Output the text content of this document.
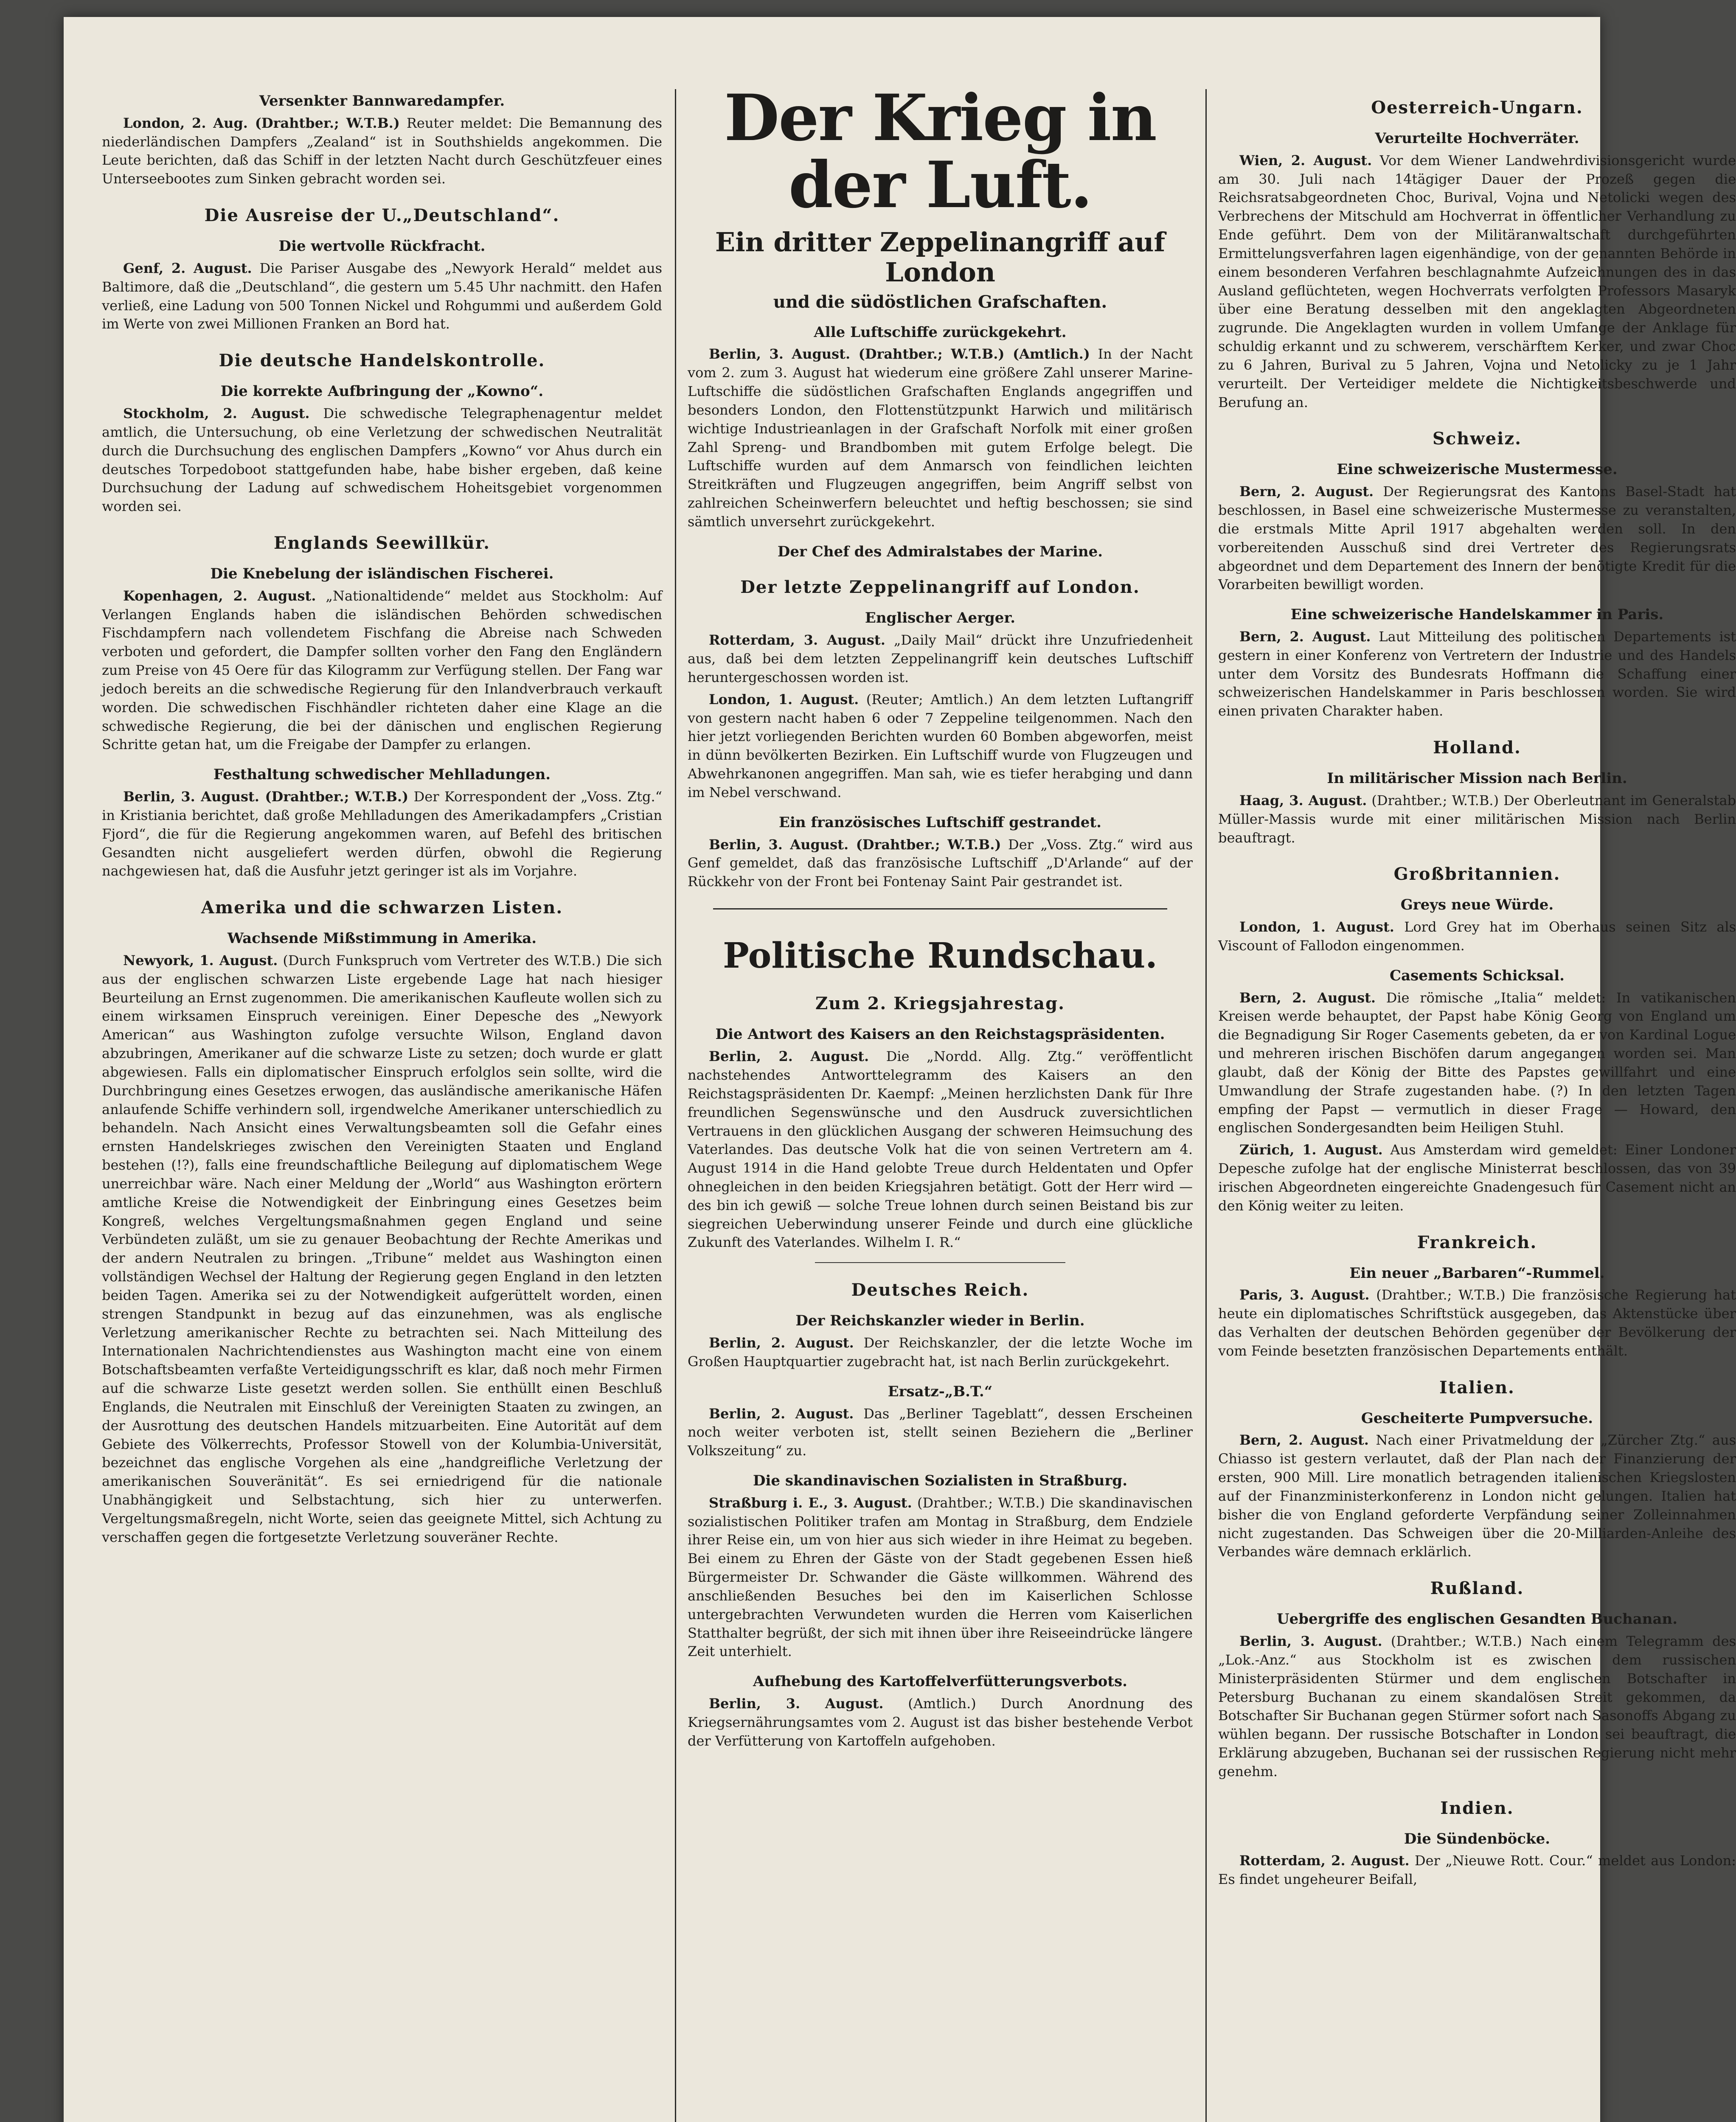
Versenkter Bannwaredampfer.

London, 2. Aug. (Drahtber.; W.T.B.) Reuter meldet: Die Bemannung des niederländischen Dampfers „Zealand“ ist in Southshields angekommen. Die Leute berichten, daß das Schiff in der letzten Nacht durch Geschützfeuer eines Unterseebootes zum Sinken gebracht worden sei.

Die Ausreise der U.„Deutschland“.
Die wertvolle Rückfracht.

Genf, 2. August. Die Pariser Ausgabe des „Newyork Herald“ meldet aus Baltimore, daß die „Deutschland“, die gestern um 5.45 Uhr nachmitt. den Hafen verließ, eine Ladung von 500 Tonnen Nickel und Rohgummi und außerdem Gold im Werte von zwei Millionen Franken an Bord hat.

Die deutsche Handelskontrolle.
Die korrekte Aufbringung der „Kowno“.

Stockholm, 2. August. Die schwedische Telegraphenagentur meldet amtlich, die Untersuchung, ob eine Verletzung der schwedischen Neutralität durch die Durchsuchung des englischen Dampfers „Kowno“ vor Ahus durch ein deutsches Torpedoboot stattgefunden habe, habe bisher ergeben, daß keine Durchsuchung der Ladung auf schwedischem Hoheitsgebiet vorgenommen worden sei.

Englands Seewillkür.
Die Knebelung der isländischen Fischerei.

Kopenhagen, 2. August. „Nationaltidende“ meldet aus Stockholm: Auf Verlangen Englands haben die isländischen Behörden schwedischen Fischdampfern nach vollendetem Fischfang die Abreise nach Schweden verboten und gefordert, die Dampfer sollten vorher den Fang den Engländern zum Preise von 45 Oere für das Kilogramm zur Verfügung stellen. Der Fang war jedoch bereits an die schwedische Regierung für den Inlandverbrauch verkauft worden. Die schwedischen Fischhändler richteten daher eine Klage an die schwedische Regierung, die bei der dänischen und englischen Regierung Schritte getan hat, um die Freigabe der Dampfer zu erlangen.

Festhaltung schwedischer Mehlladungen.

Berlin, 3. August. (Drahtber.; W.T.B.) Der Korrespondent der „Voss. Ztg.“ in Kristiania berichtet, daß große Mehlladungen des Amerikadampfers „Cristian Fjord“, die für die Regierung angekommen waren, auf Befehl des britischen Gesandten nicht ausgeliefert werden dürfen, obwohl die Regierung nachgewiesen hat, daß die Ausfuhr jetzt geringer ist als im Vorjahre.

Amerika und die schwarzen Listen.
Wachsende Mißstimmung in Amerika.

Newyork, 1. August. (Durch Funkspruch vom Vertreter des W.T.B.) Die sich aus der englischen schwarzen Liste ergebende Lage hat nach hiesiger Beurteilung an Ernst zugenommen. Die amerikanischen Kaufleute wollen sich zu einem wirksamen Einspruch vereinigen. Einer Depesche des „Newyork American“ aus Washington zufolge versuchte Wilson, England davon abzubringen, Amerikaner auf die schwarze Liste zu setzen; doch wurde er glatt abgewiesen. Falls ein diplomatischer Einspruch erfolglos sein sollte, wird die Durchbringung eines Gesetzes erwogen, das ausländische amerikanische Häfen anlaufende Schiffe verhindern soll, irgendwelche Amerikaner unterschiedlich zu behandeln. Nach Ansicht eines Verwaltungsbeamten soll die Gefahr eines ernsten Handelskrieges zwischen den Vereinigten Staaten und England bestehen (!?), falls eine freundschaftliche Beilegung auf diplomatischem Wege unerreichbar wäre. Nach einer Meldung der „World“ aus Washington erörtern amtliche Kreise die Notwendigkeit der Einbringung eines Gesetzes beim Kongreß, welches Vergeltungsmaßnahmen gegen England und seine Verbündeten zuläßt, um sie zu genauer Beobachtung der Rechte Amerikas und der andern Neutralen zu bringen. „Tribune“ meldet aus Washington einen vollständigen Wechsel der Haltung der Regierung gegen England in den letzten beiden Tagen. Amerika sei zu der Notwendigkeit aufgerüttelt worden, einen strengen Standpunkt in bezug auf das einzunehmen, was als englische Verletzung amerikanischer Rechte zu betrachten sei. Nach Mitteilung des Internationalen Nachrichtendienstes aus Washington macht eine von einem Botschaftsbeamten verfaßte Verteidigungsschrift es klar, daß noch mehr Firmen auf die schwarze Liste gesetzt werden sollen. Sie enthüllt einen Beschluß Englands, die Neutralen mit Einschluß der Vereinigten Staaten zu zwingen, an der Ausrottung des deutschen Handels mitzuarbeiten. Eine Autorität auf dem Gebiete des Völkerrechts, Professor Stowell von der Kolumbia-Universität, bezeichnet das englische Vorgehen als eine „handgreifliche Verletzung der amerikanischen Souveränität“. Es sei erniedrigend für die nationale Unabhängigkeit und Selbstachtung, sich hier zu unterwerfen. Vergeltungsmaßregeln, nicht Worte, seien das geeignete Mittel, sich Achtung zu verschaffen gegen die fortgesetzte Verletzung souveräner Rechte.

Der Krieg in der Luft.
Ein dritter Zeppelinangriff auf London
und die südöstlichen Grafschaften.
Alle Luftschiffe zurückgekehrt.

Berlin, 3. August. (Drahtber.; W.T.B.) (Amtlich.) In der Nacht vom 2. zum 3. August hat wiederum eine größere Zahl unserer Marine-Luftschiffe die südöstlichen Grafschaften Englands angegriffen und besonders London, den Flottenstützpunkt Harwich und militärisch wichtige Industrieanlagen in der Grafschaft Norfolk mit einer großen Zahl Spreng- und Brandbomben mit gutem Erfolge belegt. Die Luftschiffe wurden auf dem Anmarsch von feindlichen leichten Streitkräften und Flugzeugen angegriffen, beim Angriff selbst von zahlreichen Scheinwerfern beleuchtet und heftig beschossen; sie sind sämtlich unversehrt zurückgekehrt.

Der Chef des Admiralstabes der Marine.
Der letzte Zeppelinangriff auf London.
Englischer Aerger.

Rotterdam, 3. August. „Daily Mail“ drückt ihre Unzufriedenheit aus, daß bei dem letzten Zeppelinangriff kein deutsches Luftschiff heruntergeschossen worden ist.

London, 1. August. (Reuter; Amtlich.) An dem letzten Luftangriff von gestern nacht haben 6 oder 7 Zeppeline teilgenommen. Nach den hier jetzt vorliegenden Berichten wurden 60 Bomben abgeworfen, meist in dünn bevölkerten Bezirken. Ein Luftschiff wurde von Flugzeugen und Abwehrkanonen angegriffen. Man sah, wie es tiefer herabging und dann im Nebel verschwand.

Ein französisches Luftschiff gestrandet.

Berlin, 3. August. (Drahtber.; W.T.B.) Der „Voss. Ztg.“ wird aus Genf gemeldet, daß das französische Luftschiff „D'Arlande“ auf der Rückkehr von der Front bei Fontenay Saint Pair gestrandet ist.

Politische Rundschau.
Zum 2. Kriegsjahrestag.
Die Antwort des Kaisers an den Reichstagspräsidenten.

Berlin, 2. August. Die „Nordd. Allg. Ztg.“ veröffentlicht nachstehendes Antworttelegramm des Kaisers an den Reichstagspräsidenten Dr. Kaempf: „Meinen herzlichsten Dank für Ihre freundlichen Segenswünsche und den Ausdruck zuversichtlichen Vertrauens in den glücklichen Ausgang der schweren Heimsuchung des Vaterlandes. Das deutsche Volk hat die von seinen Vertretern am 4. August 1914 in die Hand gelobte Treue durch Heldentaten und Opfer ohnegleichen in den beiden Kriegsjahren betätigt. Gott der Herr wird — des bin ich gewiß — solche Treue lohnen durch seinen Beistand bis zur siegreichen Ueberwindung unserer Feinde und durch eine glückliche Zukunft des Vaterlandes. Wilhelm I. R.“

Deutsches Reich.
Der Reichskanzler wieder in Berlin.

Berlin, 2. August. Der Reichskanzler, der die letzte Woche im Großen Hauptquartier zugebracht hat, ist nach Berlin zurückgekehrt.

Ersatz-„B.T.“

Berlin, 2. August. Das „Berliner Tageblatt“, dessen Erscheinen noch weiter verboten ist, stellt seinen Beziehern die „Berliner Volkszeitung“ zu.

Die skandinavischen Sozialisten in Straßburg.

Straßburg i. E., 3. August. (Drahtber.; W.T.B.) Die skandinavischen sozialistischen Politiker trafen am Montag in Straßburg, dem Endziele ihrer Reise ein, um von hier aus sich wieder in ihre Heimat zu begeben. Bei einem zu Ehren der Gäste von der Stadt gegebenen Essen hieß Bürgermeister Dr. Schwander die Gäste willkommen. Während des anschließenden Besuches bei den im Kaiserlichen Schlosse untergebrachten Verwundeten wurden die Herren vom Kaiserlichen Statthalter begrüßt, der sich mit ihnen über ihre Reiseeindrücke längere Zeit unterhielt.

Aufhebung des Kartoffelverfütterungsverbots.

Berlin, 3. August. (Amtlich.) Durch Anordnung des Kriegsernährungsamtes vom 2. August ist das bisher bestehende Verbot der Verfütterung von Kartoffeln aufgehoben.

Oesterreich-Ungarn.
Verurteilte Hochverräter.

Wien, 2. August. Vor dem Wiener Landwehrdivisionsgericht wurde am 30. Juli nach 14tägiger Dauer der Prozeß gegen die Reichsratsabgeordneten Choc, Burival, Vojna und Netolicki wegen des Verbrechens der Mitschuld am Hochverrat in öffentlicher Verhandlung zu Ende geführt. Dem von der Militäranwaltschaft durchgeführten Ermittelungsverfahren lagen eigenhändige, von der genannten Behörde in einem besonderen Verfahren beschlagnahmte Aufzeichnungen des in das Ausland geflüchteten, wegen Hochverrats verfolgten Professors Masaryk über eine Beratung desselben mit den angeklagten Abgeordneten zugrunde. Die Angeklagten wurden in vollem Umfange der Anklage für schuldig erkannt und zu schwerem, verschärftem Kerker, und zwar Choc zu 6 Jahren, Burival zu 5 Jahren, Vojna und Netolicky zu je 1 Jahr verurteilt. Der Verteidiger meldete die Nichtigkeitsbeschwerde und Berufung an.

Schweiz.
Eine schweizerische Mustermesse.

Bern, 2. August. Der Regierungsrat des Kantons Basel-Stadt hat beschlossen, in Basel eine schweizerische Mustermesse zu veranstalten, die erstmals Mitte April 1917 abgehalten werden soll. In den vorbereitenden Ausschuß sind drei Vertreter des Regierungsrats abgeordnet und dem Departement des Innern der benötigte Kredit für die Vorarbeiten bewilligt worden.

Eine schweizerische Handelskammer in Paris.

Bern, 2. August. Laut Mitteilung des politischen Departements ist gestern in einer Konferenz von Vertretern der Industrie und des Handels unter dem Vorsitz des Bundesrats Hoffmann die Schaffung einer schweizerischen Handelskammer in Paris beschlossen worden. Sie wird einen privaten Charakter haben.

Holland.
In militärischer Mission nach Berlin.

Haag, 3. August. (Drahtber.; W.T.B.) Der Oberleutnant im Generalstab Müller-Massis wurde mit einer militärischen Mission nach Berlin beauftragt.

Großbritannien.
Greys neue Würde.

London, 1. August. Lord Grey hat im Oberhaus seinen Sitz als Viscount of Fallodon eingenommen.

Casements Schicksal.

Bern, 2. August. Die römische „Italia“ meldet: In vatikanischen Kreisen werde behauptet, der Papst habe König Georg von England um die Begnadigung Sir Roger Casements gebeten, da er von Kardinal Logue und mehreren irischen Bischöfen darum angegangen worden sei. Man glaubt, daß der König der Bitte des Papstes gewillfahrt und eine Umwandlung der Strafe zugestanden habe. (?) In den letzten Tagen empfing der Papst — vermutlich in dieser Frage — Howard, den englischen Sondergesandten beim Heiligen Stuhl.

Zürich, 1. August. Aus Amsterdam wird gemeldet: Einer Londoner Depesche zufolge hat der englische Ministerrat beschlossen, das von 39 irischen Abgeordneten eingereichte Gnadengesuch für Casement nicht an den König weiter zu leiten.

Frankreich.
Ein neuer „Barbaren“-Rummel.

Paris, 3. August. (Drahtber.; W.T.B.) Die französische Regierung hat heute ein diplomatisches Schriftstück ausgegeben, das Aktenstücke über das Verhalten der deutschen Behörden gegenüber der Bevölkerung der vom Feinde besetzten französischen Departements enthält.

Italien.
Gescheiterte Pumpversuche.

Bern, 2. August. Nach einer Privatmeldung der „Zürcher Ztg.“ aus Chiasso ist gestern verlautet, daß der Plan nach der Finanzierung der ersten, 900 Mill. Lire monatlich betragenden italienischen Kriegslosten auf der Finanzministerkonferenz in London nicht gelungen. Italien hat bisher die von England geforderte Verpfändung seiner Zolleinnahmen nicht zugestanden. Das Schweigen über die 20-Milliarden-Anleihe des Verbandes wäre demnach erklärlich.

Rußland.
Uebergriffe des englischen Gesandten Buchanan.

Berlin, 3. August. (Drahtber.; W.T.B.) Nach einem Telegramm des „Lok.-Anz.“ aus Stockholm ist es zwischen dem russischen Ministerpräsidenten Stürmer und dem englischen Botschafter in Petersburg Buchanan zu einem skandalösen Streit gekommen, da Botschafter Sir Buchanan gegen Stürmer sofort nach Sasonoffs Abgang zu wühlen begann. Der russische Botschafter in London sei beauftragt, die Erklärung abzugeben, Buchanan sei der russischen Regierung nicht mehr genehm.

Indien.
Die Sündenböcke.

Rotterdam, 2. August. Der „Nieuwe Rott. Cour.“ meldet aus London: Es findet ungeheurer Beifall,
